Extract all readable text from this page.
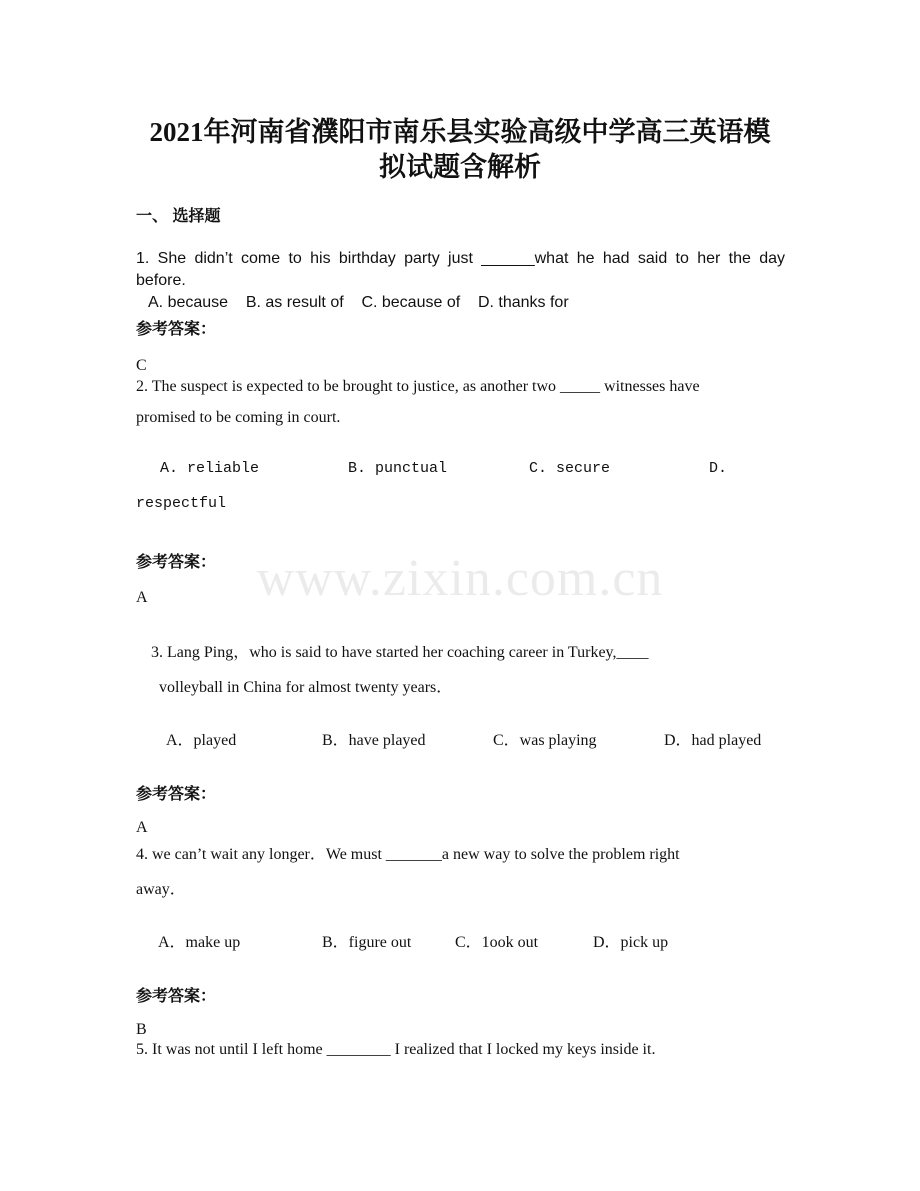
www.zixin.com.cn
2021年河南省濮阳市南乐县实验高级中学高三英语模
拟试题含解析
一、 选择题
1. She didn’t come to his birthday party just ______what he had said to her the day
before.
A. because    B. as result of    C. because of    D. thanks for
参考答案：
C
2. The suspect is expected to be brought to justice, as another two _____ witnesses have
promised to be coming in court.
A. reliable	B. punctual	C. secure	D.
respectful
参考答案：
A
3. Lang Ping，who is said to have started her coaching career in Turkey,____
volleyball in China for almost twenty years．
A．played	B．have played	C．was playing	D．had played
参考答案：
A
4. we can’t wait any longer．We must _______a new way to solve the problem right
away．
A．make up	B．figure out	C．1ook out	D．pick up
参考答案：
B
5. It was not until I left home ________ I realized that I locked my keys inside it.
